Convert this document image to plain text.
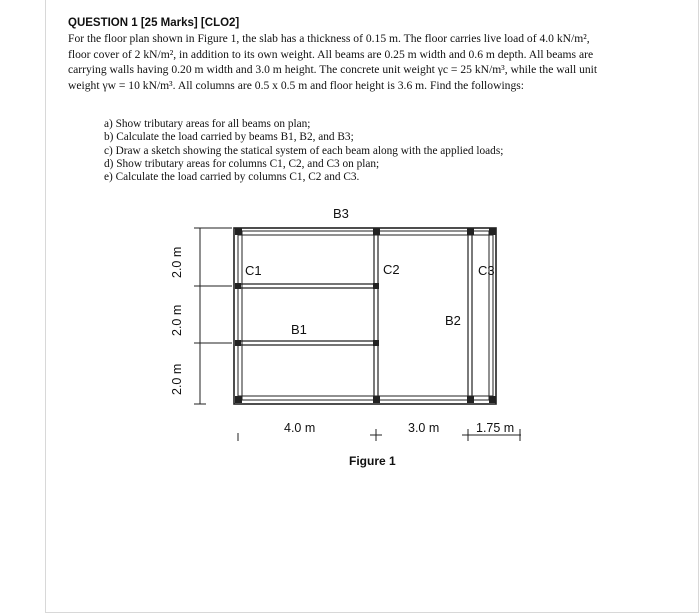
QUESTION 1 [25 Marks] [CLO2]

For the floor plan shown in Figure 1, the slab has a thickness of 0.15 m. The floor carries live load of 4.0 kN/m²,

floor cover of 2 kN/m², in addition to its own weight. All beams are 0.25 m width and 0.6 m depth. All beams are

carrying walls having 0.20 m width and 3.0 m height. The concrete unit weight γc = 25 kN/m³, while the wall unit

weight γw = 10 kN/m³. All columns are 0.5 x 0.5 m and floor height is 3.6 m. Find the followings:

a) Show tributary areas for all beams on plan;
b) Calculate the load carried by beams B1, B2, and B3;
c) Draw a sketch showing the statical system of each beam along with the applied loads;
d) Show tributary areas for columns C1, C2, and C3 on plan;
e) Calculate the load carried by columns C1, C2 and C3.
B3
C1	C2	C3
B1
B2
2.0 m
2.0 m
2.0 m
4.0 m	3.0 m	1.75 m
Figure 1
